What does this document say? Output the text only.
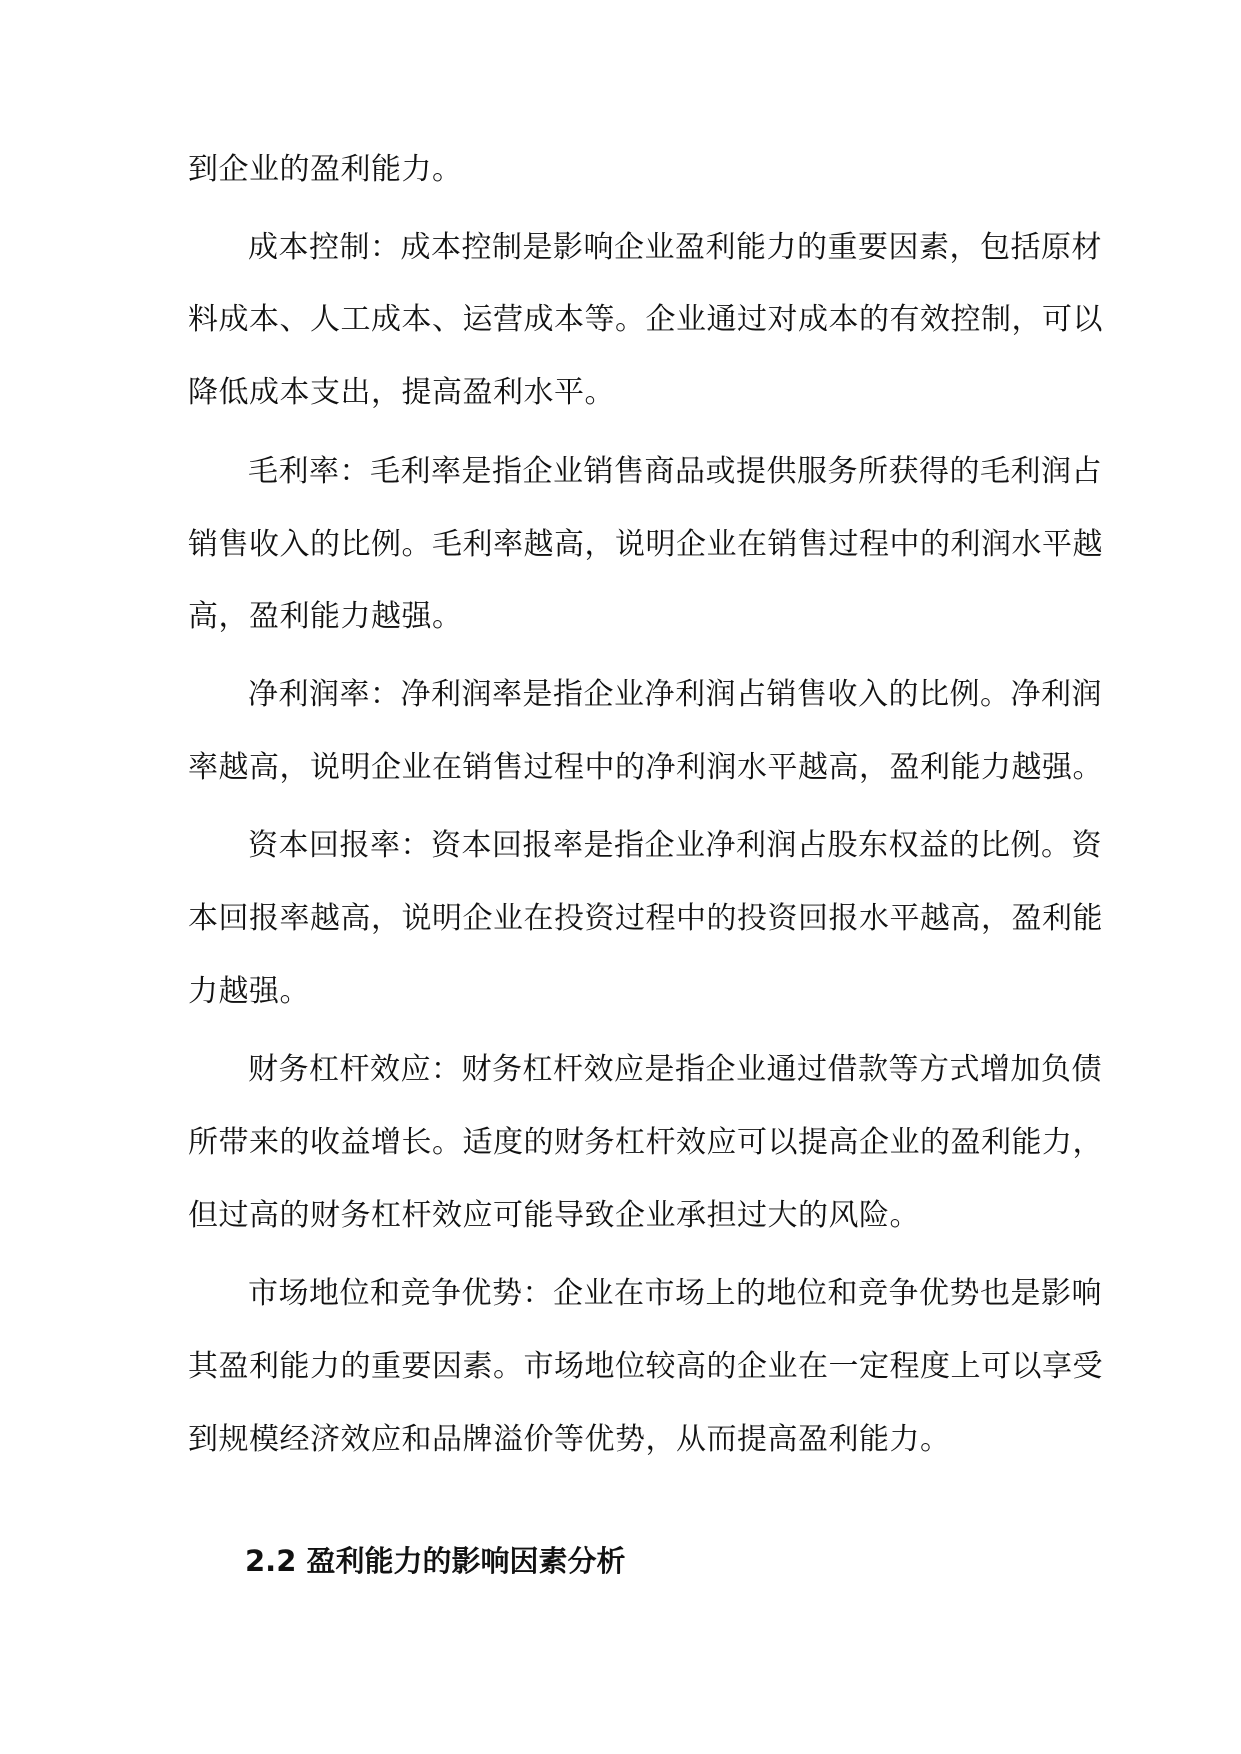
到企业的盈利能力。
成本控制：成本控制是影响企业盈利能力的重要因素，包括原材
料成本、人工成本、运营成本等。企业通过对成本的有效控制，可以
降低成本支出，提高盈利水平。
毛利率：毛利率是指企业销售商品或提供服务所获得的毛利润占
销售收入的比例。毛利率越高，说明企业在销售过程中的利润水平越
高，盈利能力越强。
净利润率：净利润率是指企业净利润占销售收入的比例。净利润
率越高，说明企业在销售过程中的净利润水平越高，盈利能力越强。
资本回报率：资本回报率是指企业净利润占股东权益的比例。资
本回报率越高，说明企业在投资过程中的投资回报水平越高，盈利能
力越强。
财务杠杆效应：财务杠杆效应是指企业通过借款等方式增加负债
所带来的收益增长。适度的财务杠杆效应可以提高企业的盈利能力，
但过高的财务杠杆效应可能导致企业承担过大的风险。
市场地位和竞争优势：企业在市场上的地位和竞争优势也是影响
其盈利能力的重要因素。市场地位较高的企业在一定程度上可以享受
到规模经济效应和品牌溢价等优势，从而提高盈利能力。
2.2 盈利能力的影响因素分析
